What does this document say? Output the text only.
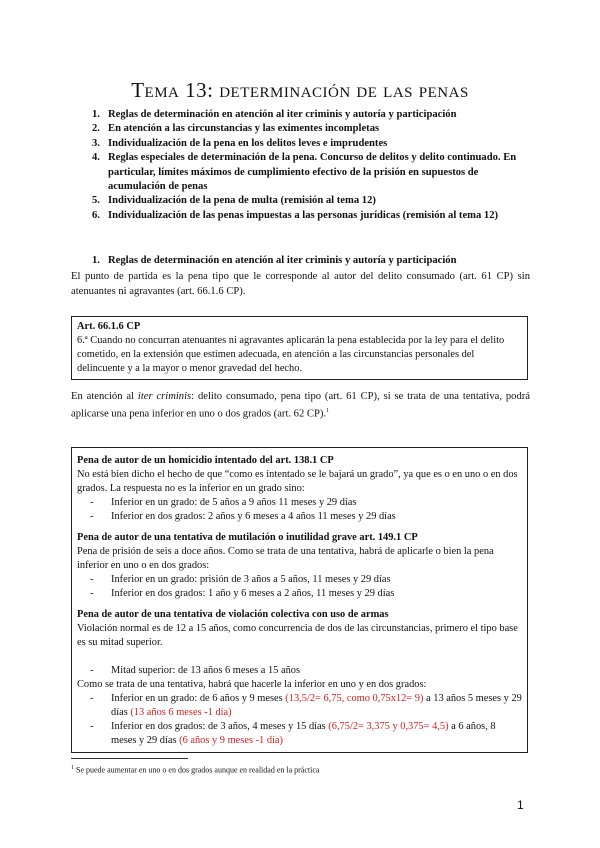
Tema 13: determinación de las penas
1. Reglas de determinación en atención al iter criminis y autoría y participación
2. En atención a las circunstancias y las eximentes incompletas
3. Individualización de la pena en los delitos leves e imprudentes
4. Reglas especiales de determinación de la pena. Concurso de delitos y delito continuado. En particular, límites máximos de cumplimiento efectivo de la prisión en supuestos de acumulación de penas
5. Individualización de la pena de multa (remisión al tema 12)
6. Individualización de las penas impuestas a las personas jurídicas (remisión al tema 12)
1. Reglas de determinación en atención al iter criminis y autoría y participación
El punto de partida es la pena tipo que le corresponde al autor del delito consumado (art. 61 CP) sin atenuantes ni agravantes (art. 66.1.6 CP).
Art. 66.1.6 CP
6.ª Cuando no concurran atenuantes ni agravantes aplicarán la pena establecida por la ley para el delito cometido, en la extensión que estimen adecuada, en atención a las circunstancias personales del delincuente y a la mayor o menor gravedad del hecho.
En atención al iter criminis: delito consumado, pena tipo (art. 61 CP), si se trata de una tentativa, podrá aplicarse una pena inferior en uno o dos grados (art. 62 CP).$^1$
Pena de autor de un homicidio intentado del art. 138.1 CP
No está bien dicho el hecho de que “como es intentado se le bajará un grado”, ya que es o en uno o en dos grados. La respuesta no es la inferior en un grado sino:
- Inferior en un grado: de 5 años a 9 años 11 meses y 29 días
- Inferior en dos grados: 2 años y 6 meses a 4 años 11 meses y 29 días
Pena de autor de una tentativa de mutilación o inutilidad grave art. 149.1 CP
Pena de prisión de seis a doce años. Como se trata de una tentativa, habrá de aplicarle o bien la pena inferior en uno o en dos grados:
- Inferior en un grado: prisión de 3 años a 5 años, 11 meses y 29 días
- Inferior en dos grados: 1 año y 6 meses a 2 años, 11 meses y 29 días
Pena de autor de una tentativa de violación colectiva con uso de armas
Violación normal es de 12 a 15 años, como concurrencia de dos de las circunstancias, primero el tipo base es su mitad superior.
- Mitad superior: de 13 años 6 meses a 15 años
Como se trata de una tentativa, habrá que hacerle la inferior en uno y en dos grados:
- Inferior en un grado: de 6 años y 9 meses (13,5/2= 6,75, como 0,75x12= 9) a 13 años 5 meses y 29 días (13 años 6 meses -1 día)
- Inferior en dos grados: de 3 años, 4 meses y 15 días (6,75/2= 3,375 y 0,375= 4,5) a 6 años, 8 meses y 29 días (6 años y 9 meses -1 día)
$^1$ Se puede aumentar en uno o en dos grados aunque en realidad en la práctica
1
